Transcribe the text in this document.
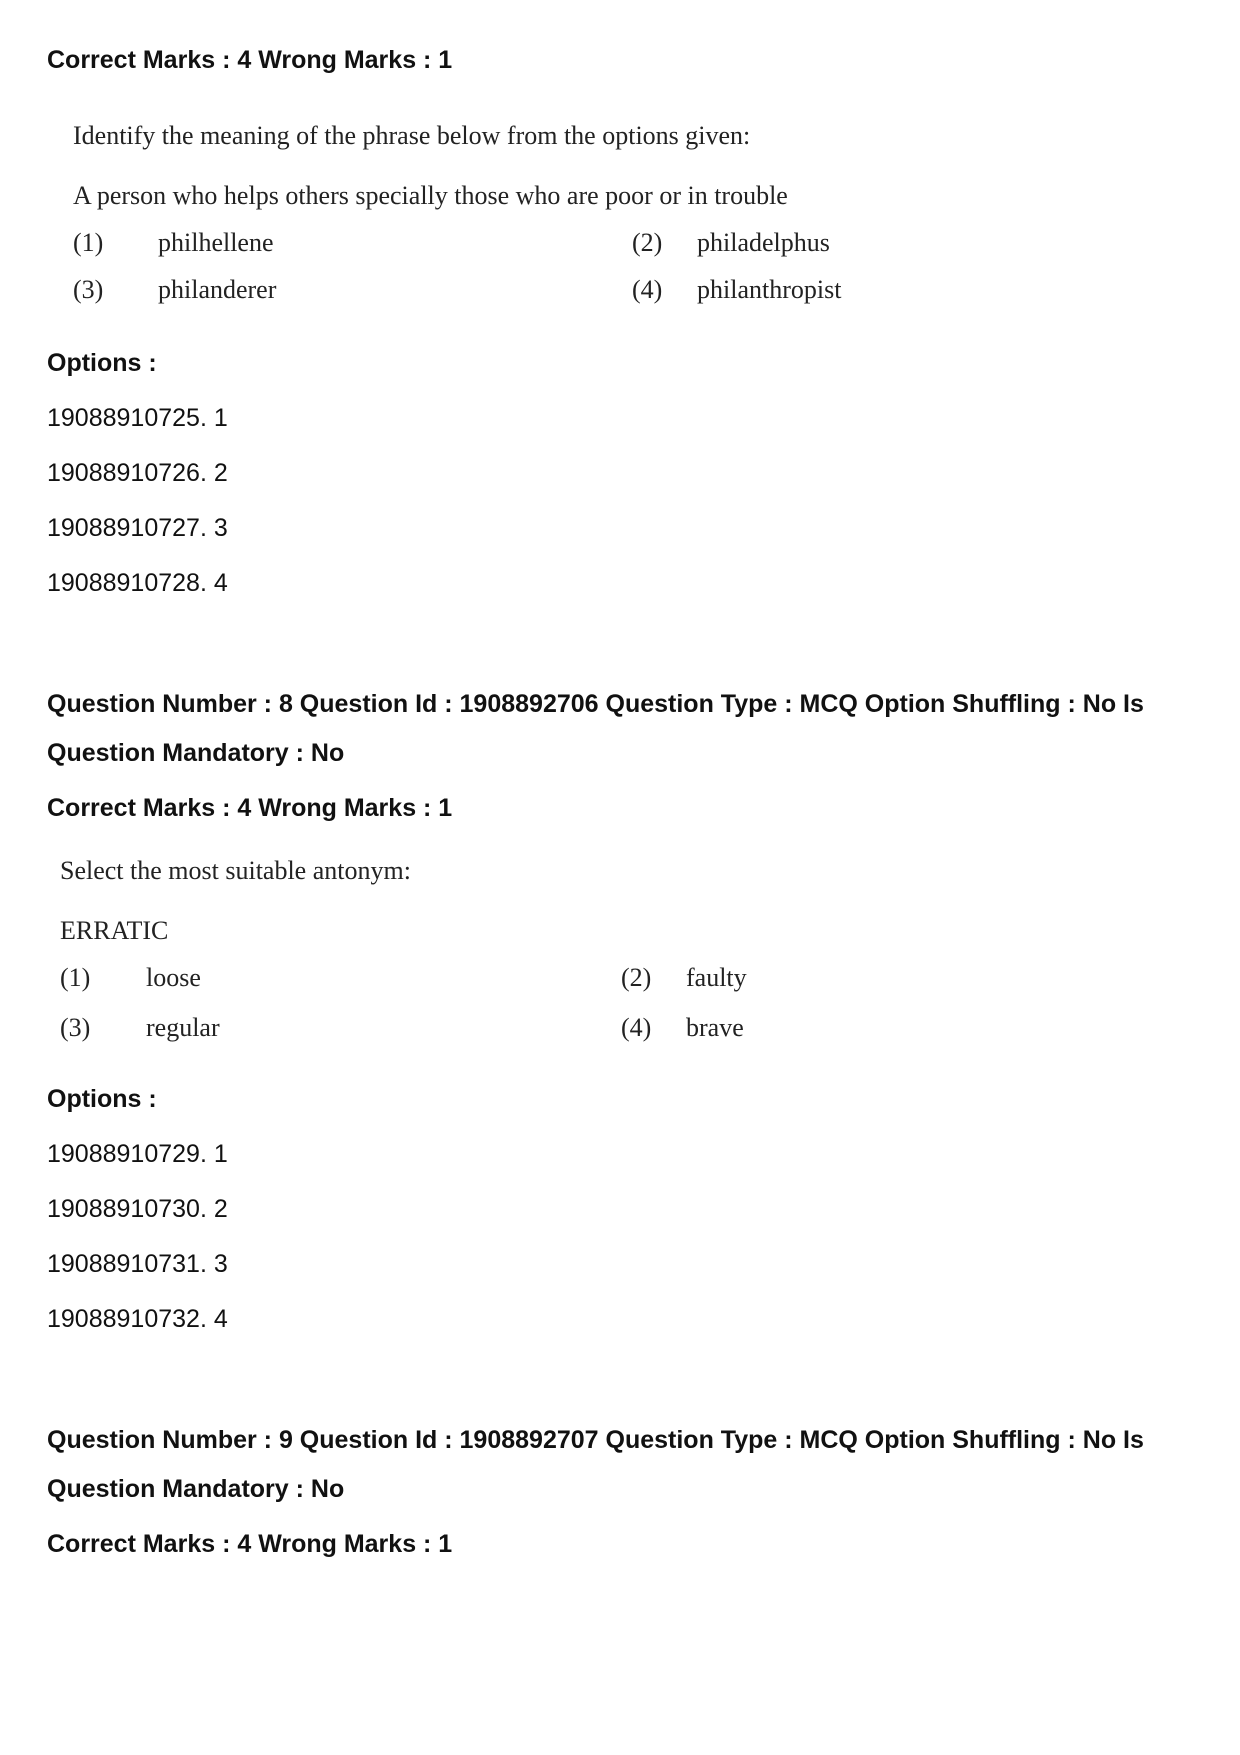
Correct Marks : 4 Wrong Marks : 1
Identify the meaning of the phrase below from the options given:
A person who helps others specially those who are poor or in trouble
(1) philhellene	(2) philadelphus
(3) philanderer	(4) philanthropist
Options :
19088910725. 1
19088910726. 2
19088910727. 3
19088910728. 4
Question Number : 8 Question Id : 1908892706 Question Type : MCQ Option Shuffling : No Is
Question Mandatory : No
Correct Marks : 4 Wrong Marks : 1
Select the most suitable antonym:
ERRATIC
(1) loose	(2) faulty
(3) regular	(4) brave
Options :
19088910729. 1
19088910730. 2
19088910731. 3
19088910732. 4
Question Number : 9 Question Id : 1908892707 Question Type : MCQ Option Shuffling : No Is
Question Mandatory : No
Correct Marks : 4 Wrong Marks : 1
